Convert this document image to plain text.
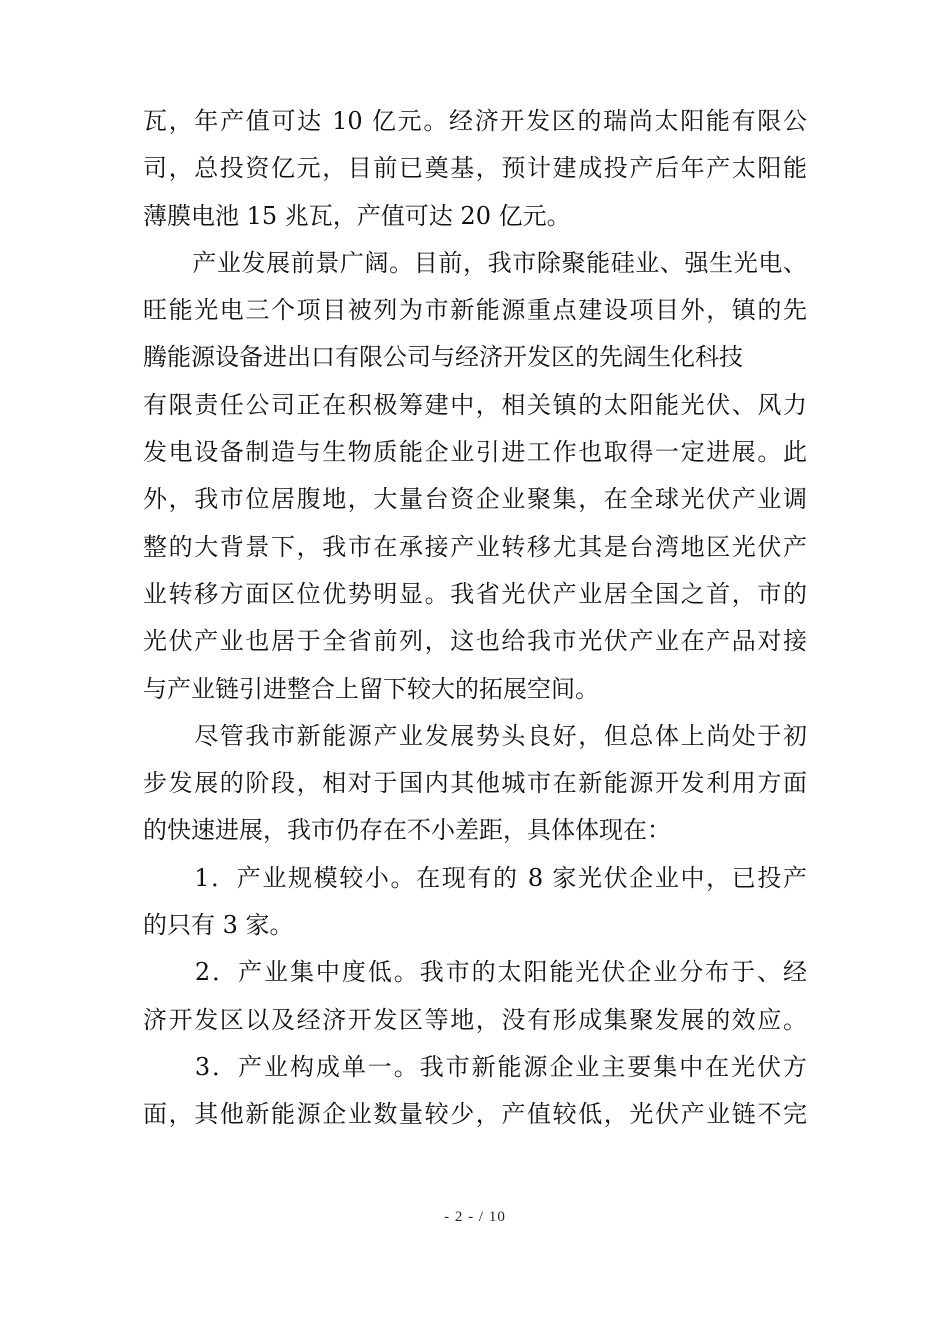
瓦，年产值可达 10 亿元。经济开发区的瑞尚太阳能有限公
司，总投资亿元，目前已奠基，预计建成投产后年产太阳能
薄膜电池 15 兆瓦，产值可达 20 亿元。
　　产业发展前景广阔。目前，我市除聚能硅业、强生光电、
旺能光电三个项目被列为市新能源重点建设项目外，镇的先
腾能源设备进出口有限公司与经济开发区的先阔生化科技
有限责任公司正在积极筹建中，相关镇的太阳能光伏、风力
发电设备制造与生物质能企业引进工作也取得一定进展。此
外，我市位居腹地，大量台资企业聚集，在全球光伏产业调
整的大背景下，我市在承接产业转移尤其是台湾地区光伏产
业转移方面区位优势明显。我省光伏产业居全国之首，市的
光伏产业也居于全省前列，这也给我市光伏产业在产品对接
与产业链引进整合上留下较大的拓展空间。
　　尽管我市新能源产业发展势头良好，但总体上尚处于初
步发展的阶段，相对于国内其他城市在新能源开发利用方面
的快速进展，我市仍存在不小差距，具体体现在：
　　1．产业规模较小。在现有的 8 家光伏企业中，已投产
的只有 3 家。
　　2．产业集中度低。我市的太阳能光伏企业分布于、经
济开发区以及经济开发区等地，没有形成集聚发展的效应。
　　3．产业构成单一。我市新能源企业主要集中在光伏方
面，其他新能源企业数量较少，产值较低，光伏产业链不完
- 2 - / 10
